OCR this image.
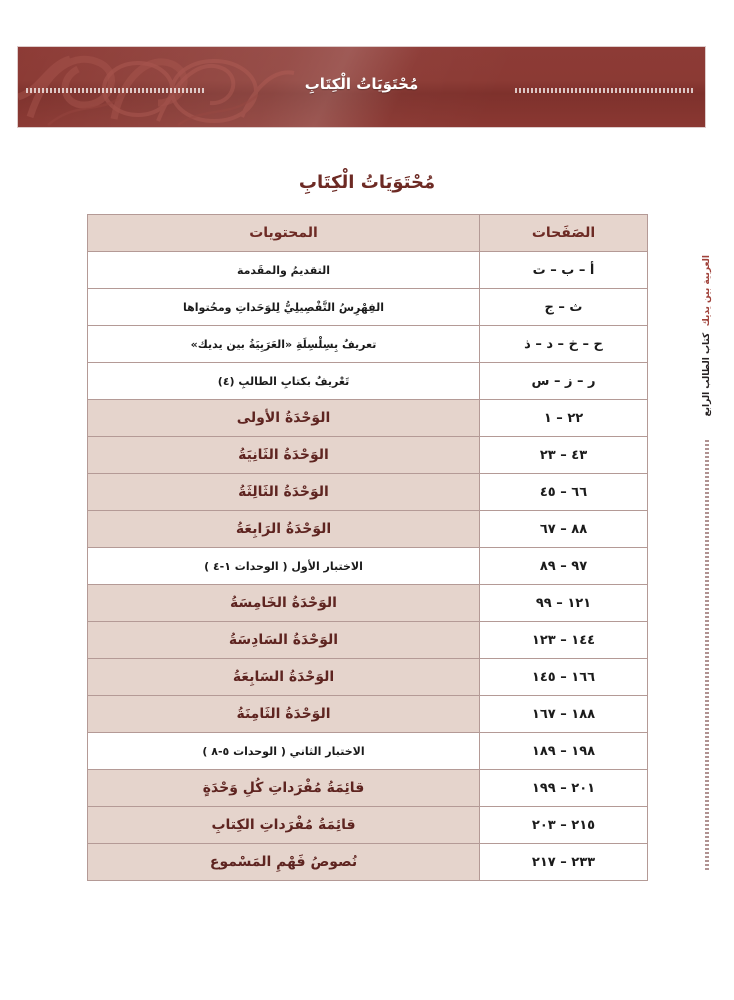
مُحْتَوَيَاتُ الْكِتَابِ
مُحْتَوَيَاتُ الْكِتَابِ
الصَفَحات	المحتويات
أ – ب – ت	التقديمُ والمقَدمة
ث – ج	الفِهْرِسُ التَّفْصِيلِيُّ لِلوَحَداتِ ومحُتواها
ح – خ – د – ذ	تعريفٌ بِسِلْسِلَةِ «العَرَبِيَةُ بين يديك»
ر – ز – س	تَعْريفٌ بكتابِ الطالبِ (٤)
٢٢ – ١	الوَحْدَةُ الأولى
٤٣ – ٢٣	الوَحْدَةُ الثَانِيَةُ
٦٦ – ٤٥	الوَحْدَةُ الثَالِثَةُ
٨٨ – ٦٧	الوَحْدَةُ الرَابِعَةُ
٩٧ – ٨٩	الاختبار الأول ( الوحدات ١-٤ )
١٢١ – ٩٩	الوَحْدَةُ الخَامِسَةُ
١٤٤ – ١٢٣	الوَحْدَةُ السَادِسَةُ
١٦٦ – ١٤٥	الوَحْدَةُ السَابِعَةُ
١٨٨ – ١٦٧	الوَحْدَةُ الثَامِنَةُ
١٩٨ – ١٨٩	الاختبار الثاني ( الوحدات ٥-٨ )
٢٠١ – ١٩٩	قائِمَةُ مُفْرَداتِ كُلِ وَحْدَةٍ
٢١٥ – ٢٠٣	قائِمَةُ مُفْرَداتِ الكِتابِ
٢٣٣ – ٢١٧	نُصوصُ فَهْمِ المَسْموع
العربية بين يديك  كتاب الطالب الرابع
